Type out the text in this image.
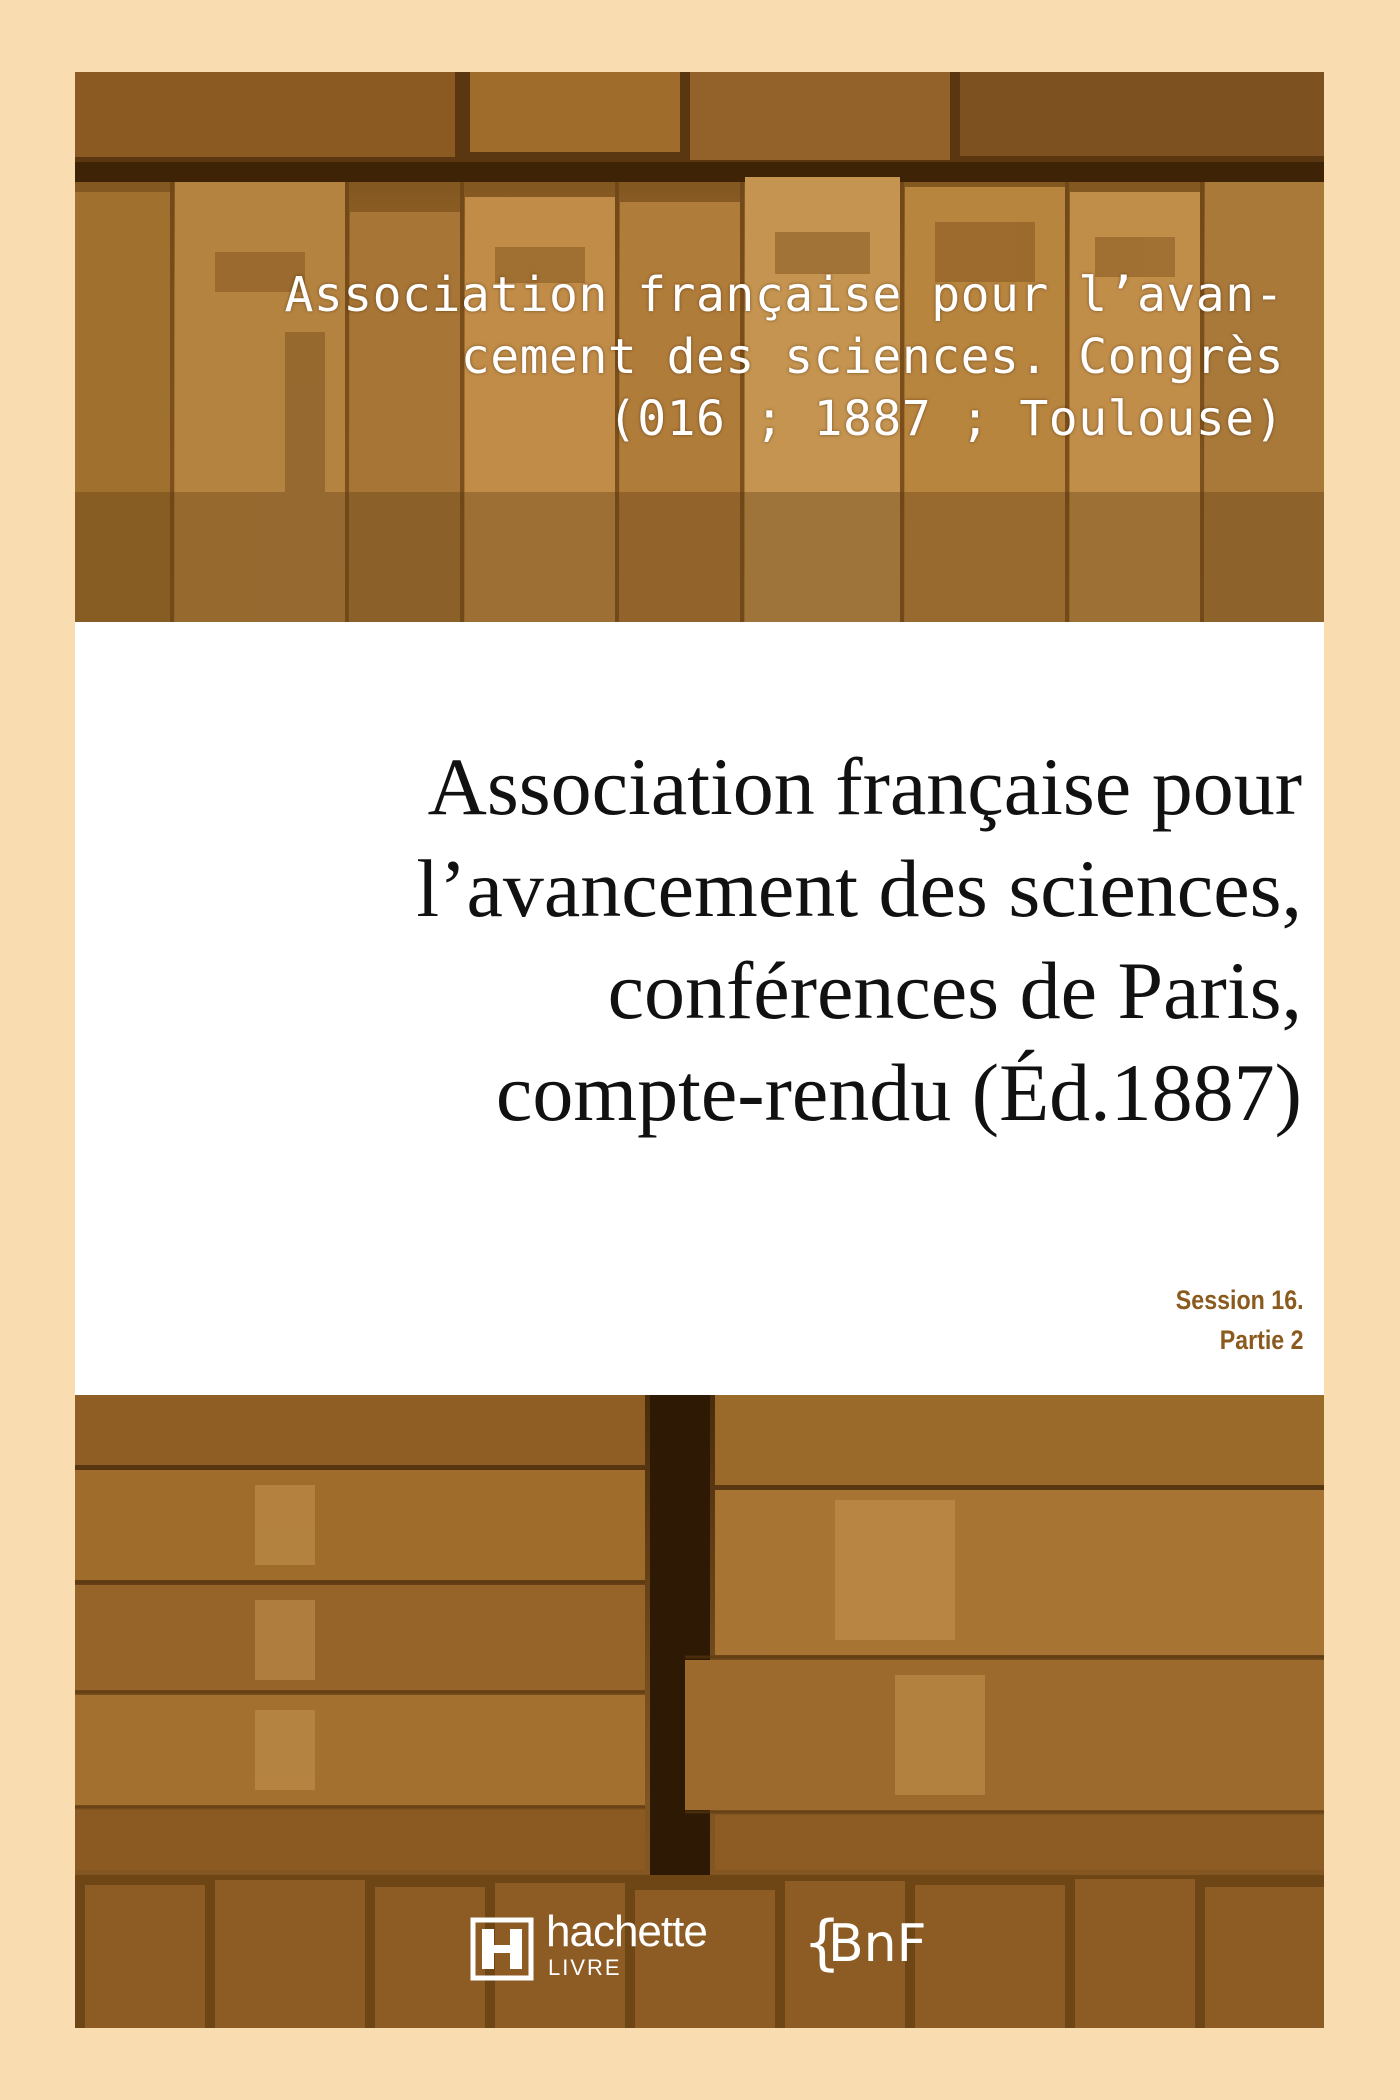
Association française pour l’avan-
cement des sciences. Congrès
(016 ; 1887 ; Toulouse)
Association française pour
l’avancement des sciences,
conférences de Paris,
compte-rendu (Éd.1887)
Session 16.
Partie 2
hachette
LIVRE	{
BnF
